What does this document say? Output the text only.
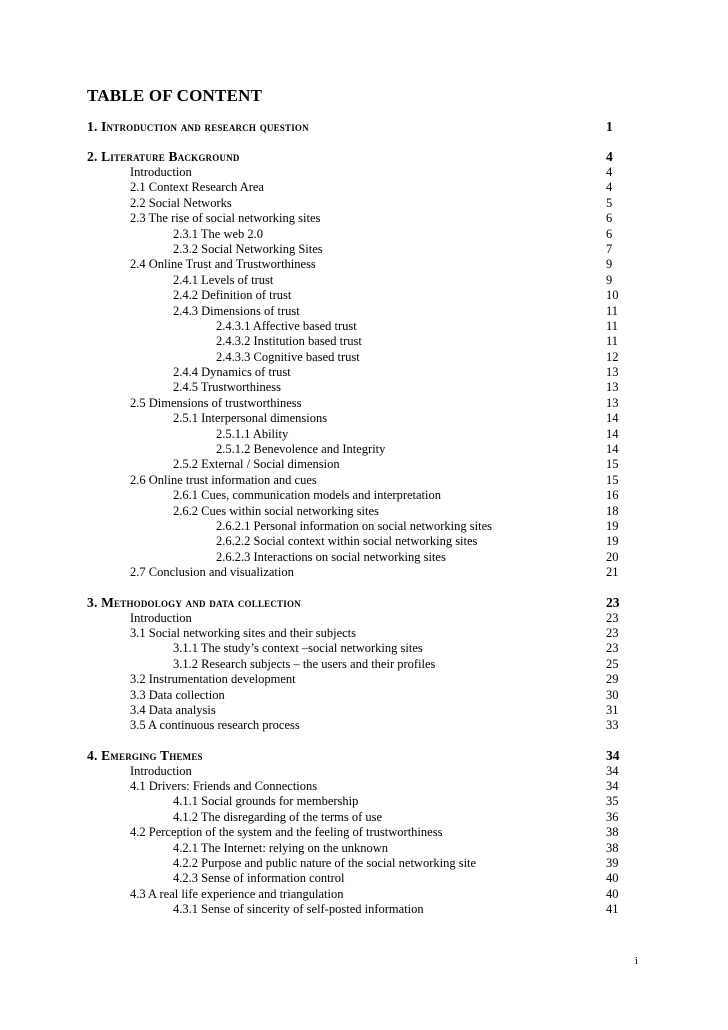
TABLE OF CONTENT
1. Introduction and research question	1
2. Literature Background	4
Introduction	4
2.1 Context Research Area	4
2.2 Social Networks	5
2.3 The rise of social networking sites	6
2.3.1 The web 2.0	6
2.3.2 Social Networking Sites	7
2.4 Online Trust and Trustworthiness	9
2.4.1 Levels of trust	9
2.4.2 Definition of trust	10
2.4.3 Dimensions of trust	11
2.4.3.1 Affective based trust	11
2.4.3.2 Institution based trust	11
2.4.3.3 Cognitive based trust	12
2.4.4 Dynamics of trust	13
2.4.5 Trustworthiness	13
2.5 Dimensions of trustworthiness	13
2.5.1 Interpersonal dimensions	14
2.5.1.1 Ability	14
2.5.1.2 Benevolence and Integrity	14
2.5.2 External / Social dimension	15
2.6 Online trust information and cues	15
2.6.1 Cues, communication models and interpretation	16
2.6.2 Cues within social networking sites	18
2.6.2.1 Personal information on social networking sites	19
2.6.2.2 Social context within social networking sites	19
2.6.2.3 Interactions on social networking sites	20
2.7 Conclusion and visualization	21
3. Methodology and data collection	23
Introduction	23
3.1 Social networking sites and their subjects	23
3.1.1 The study’s context –social networking sites	23
3.1.2 Research subjects – the users and their profiles	25
3.2 Instrumentation development	29
3.3 Data collection	30
3.4 Data analysis	31
3.5 A continuous research process	33
4. Emerging Themes	34
Introduction	34
4.1 Drivers: Friends and Connections	34
4.1.1 Social grounds for membership	35
4.1.2 The disregarding of the terms of use	36
4.2 Perception of the system and the feeling of trustworthiness	38
4.2.1 The Internet: relying on the unknown	38
4.2.2 Purpose and public nature of the social networking site	39
4.2.3 Sense of information control	40
4.3 A real life experience and triangulation	40
4.3.1 Sense of sincerity of self-posted information	41
i
